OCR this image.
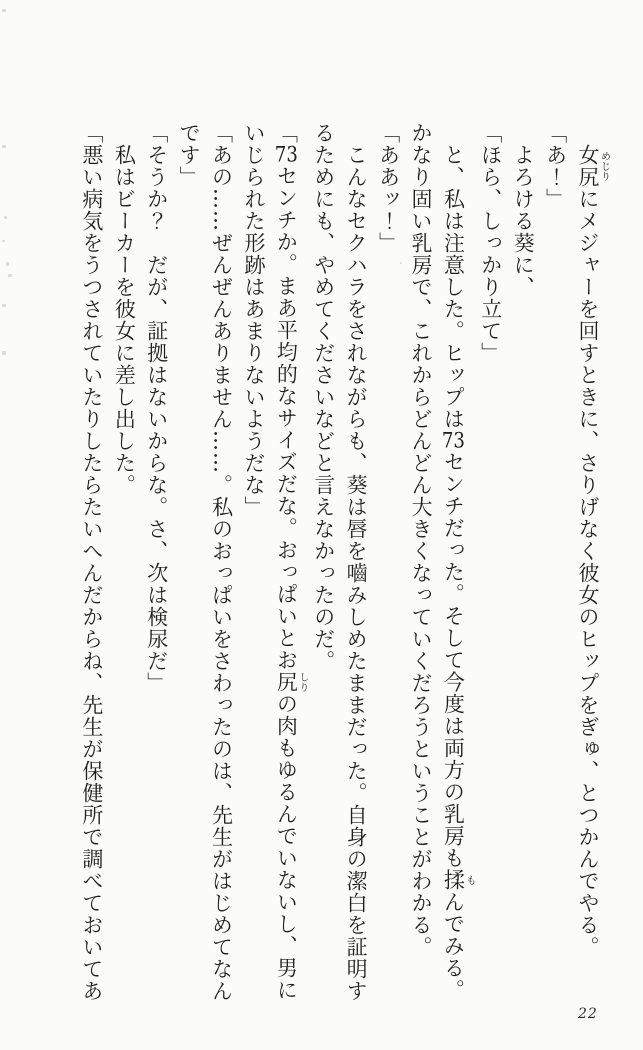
女尻めじりにメジャーを回すときに、さりげなく彼女のヒップをぎゅ、とつかんでやる。

「あ！」

よろける葵に、

「ほら、しっかり立て」

と、私は注意した。ヒップは73センチだった。そして今度は両方の乳房も揉もんでみる。

かなり固い乳房で、これからどんどん大きくなっていくだろうということがわかる。

「ああッ！」

こんなセクハラをされながらも、葵は唇を嚙みしめたままだった。自身の潔白を証明す

るためにも、やめてくださいなどと言えなかったのだ。

「73センチか。まあ平均的なサイズだな。おっぱいとお尻しりの肉もゆるんでいないし、男に

いじられた形跡はあまりないようだな」

「あの……ぜんぜんありません……。私のおっぱいをさわったのは、先生がはじめてなん

です」

「そうか？　だが、証拠はないからな。さ、次は検尿だ」

私はビーカーを彼女に差し出した。

「悪い病気をうつされていたりしたらたいへんだからね、先生が保健所で調べておいてあ

22
